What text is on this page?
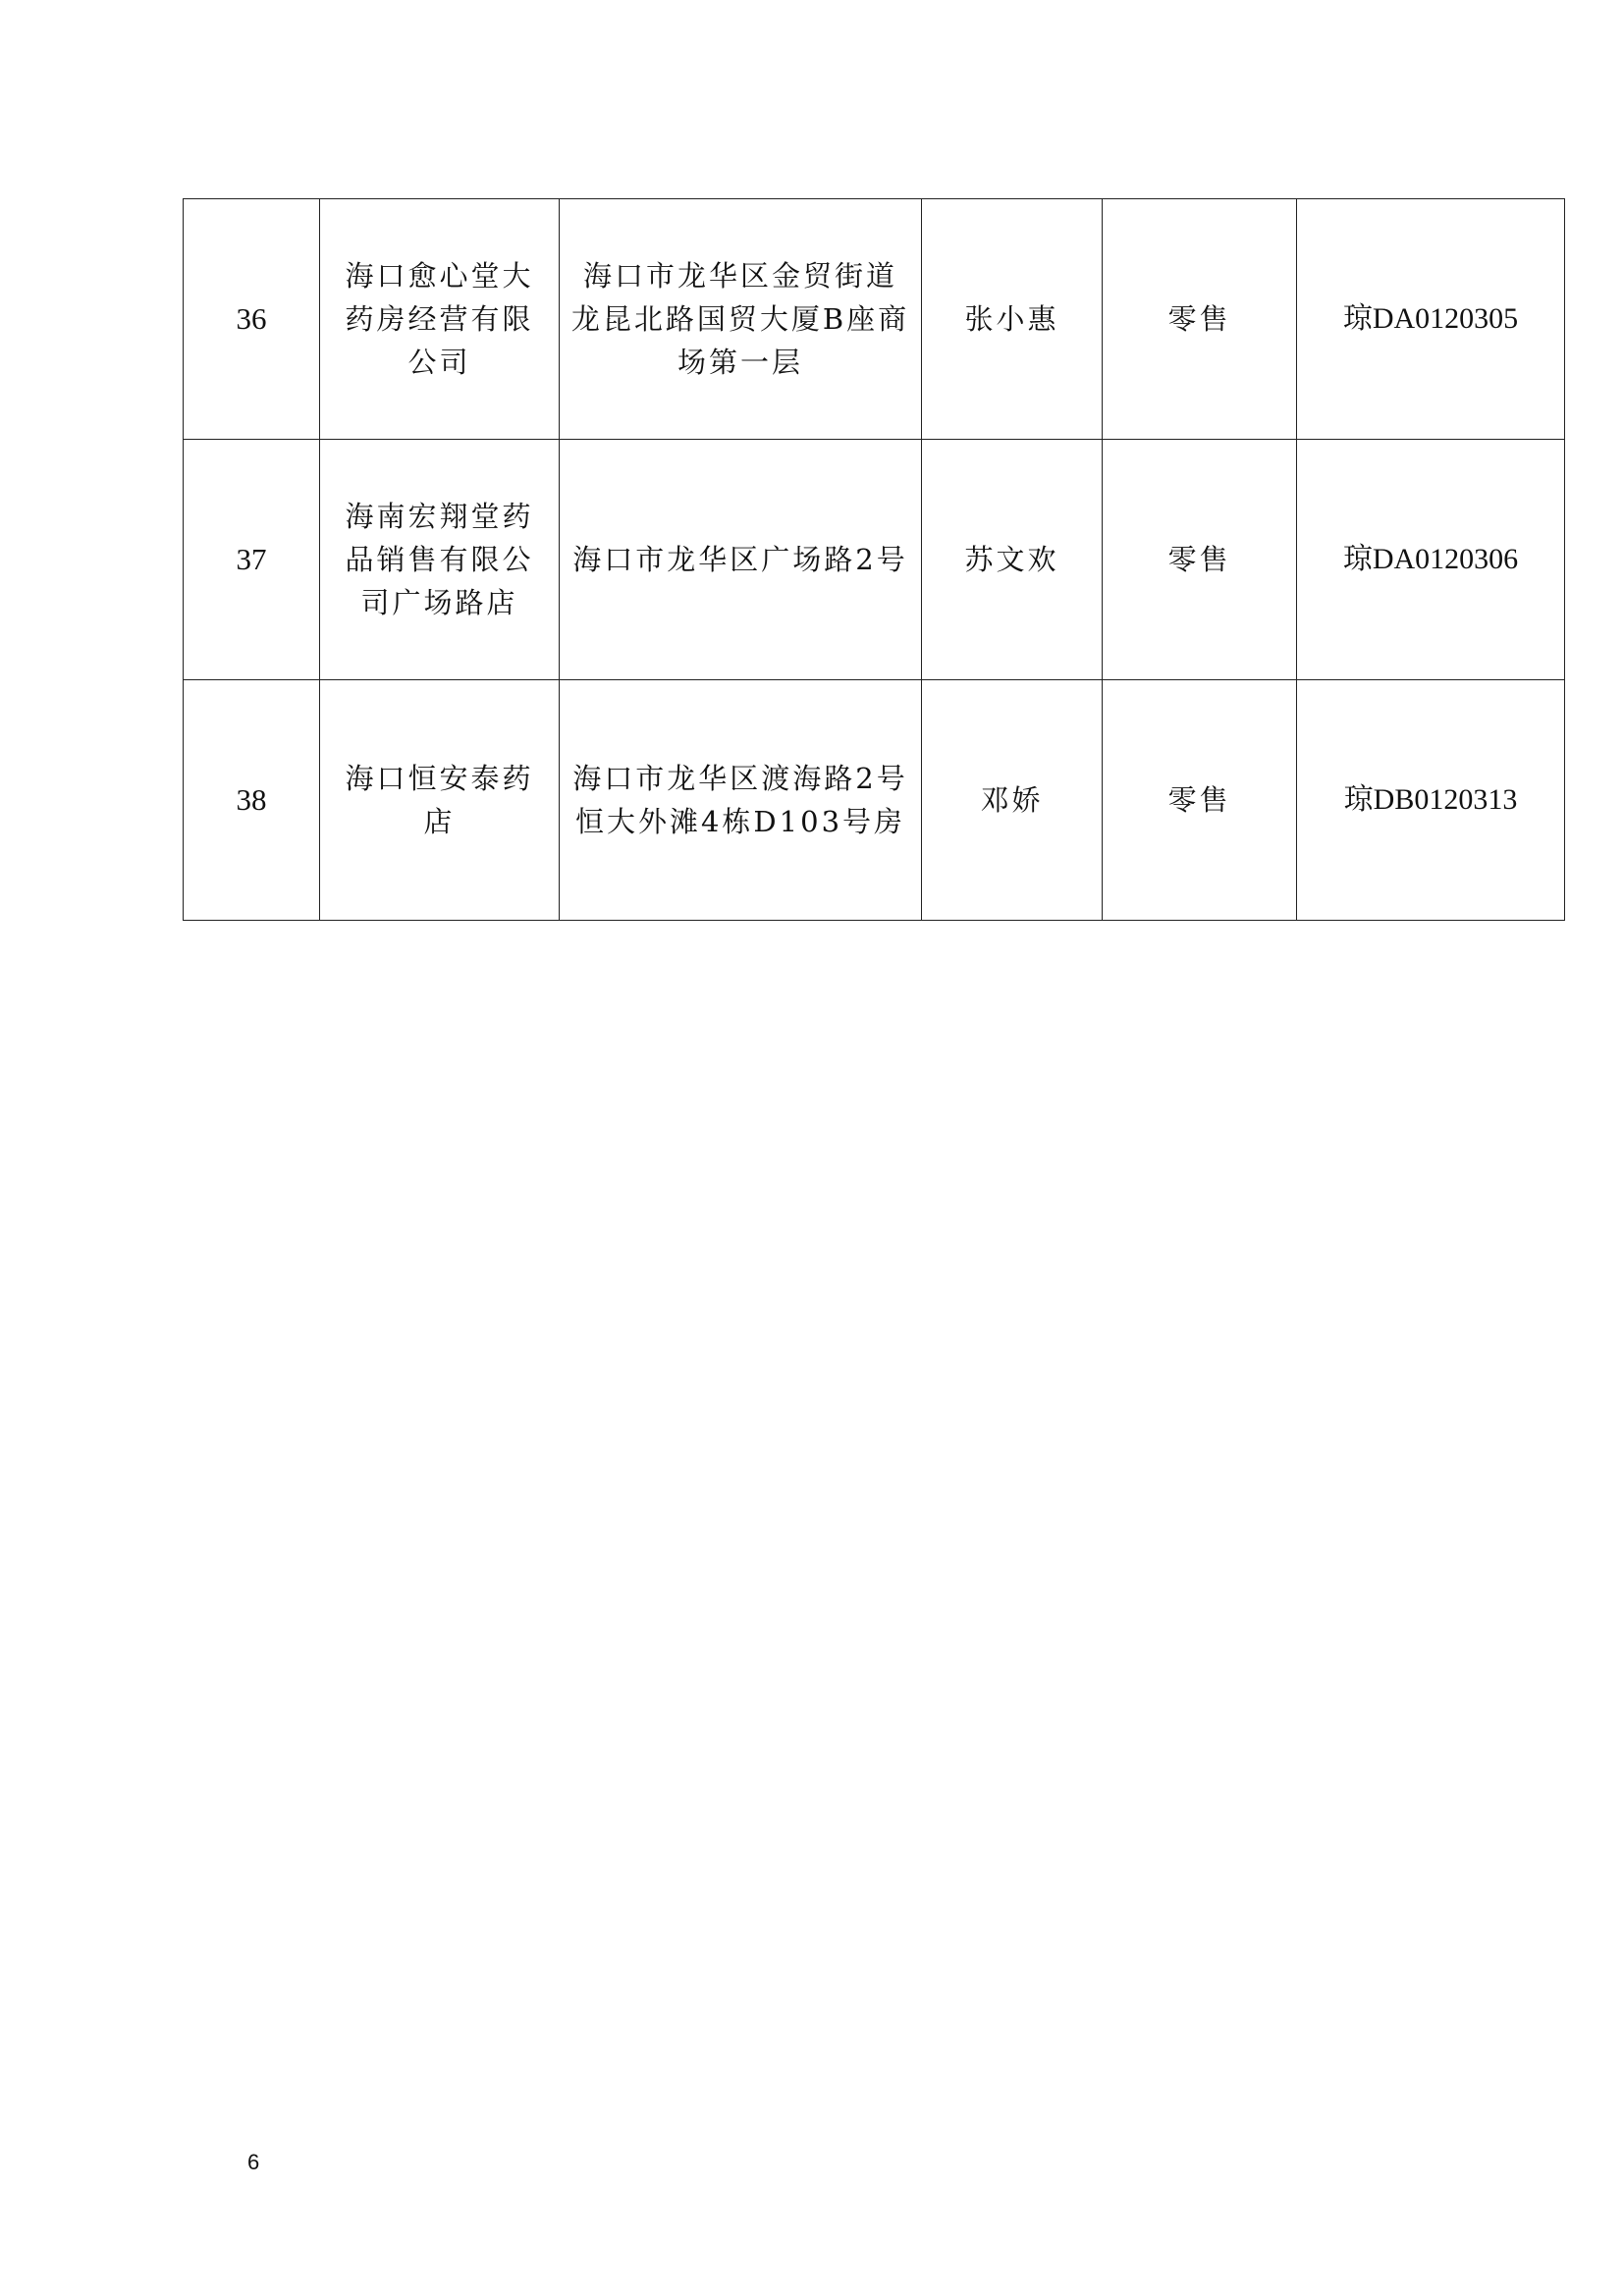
36	海口愈心堂大药房经营有限公司	海口市龙华区金贸街道龙昆北路国贸大厦B座商场第一层	张小惠	零售	琼DA0120305
37	海南宏翔堂药品销售有限公司广场路店	海口市龙华区广场路2号	苏文欢	零售	琼DA0120306
38	海口恒安泰药店	海口市龙华区渡海路2号恒大外滩4栋D103号房	邓娇	零售	琼DB0120313
6
